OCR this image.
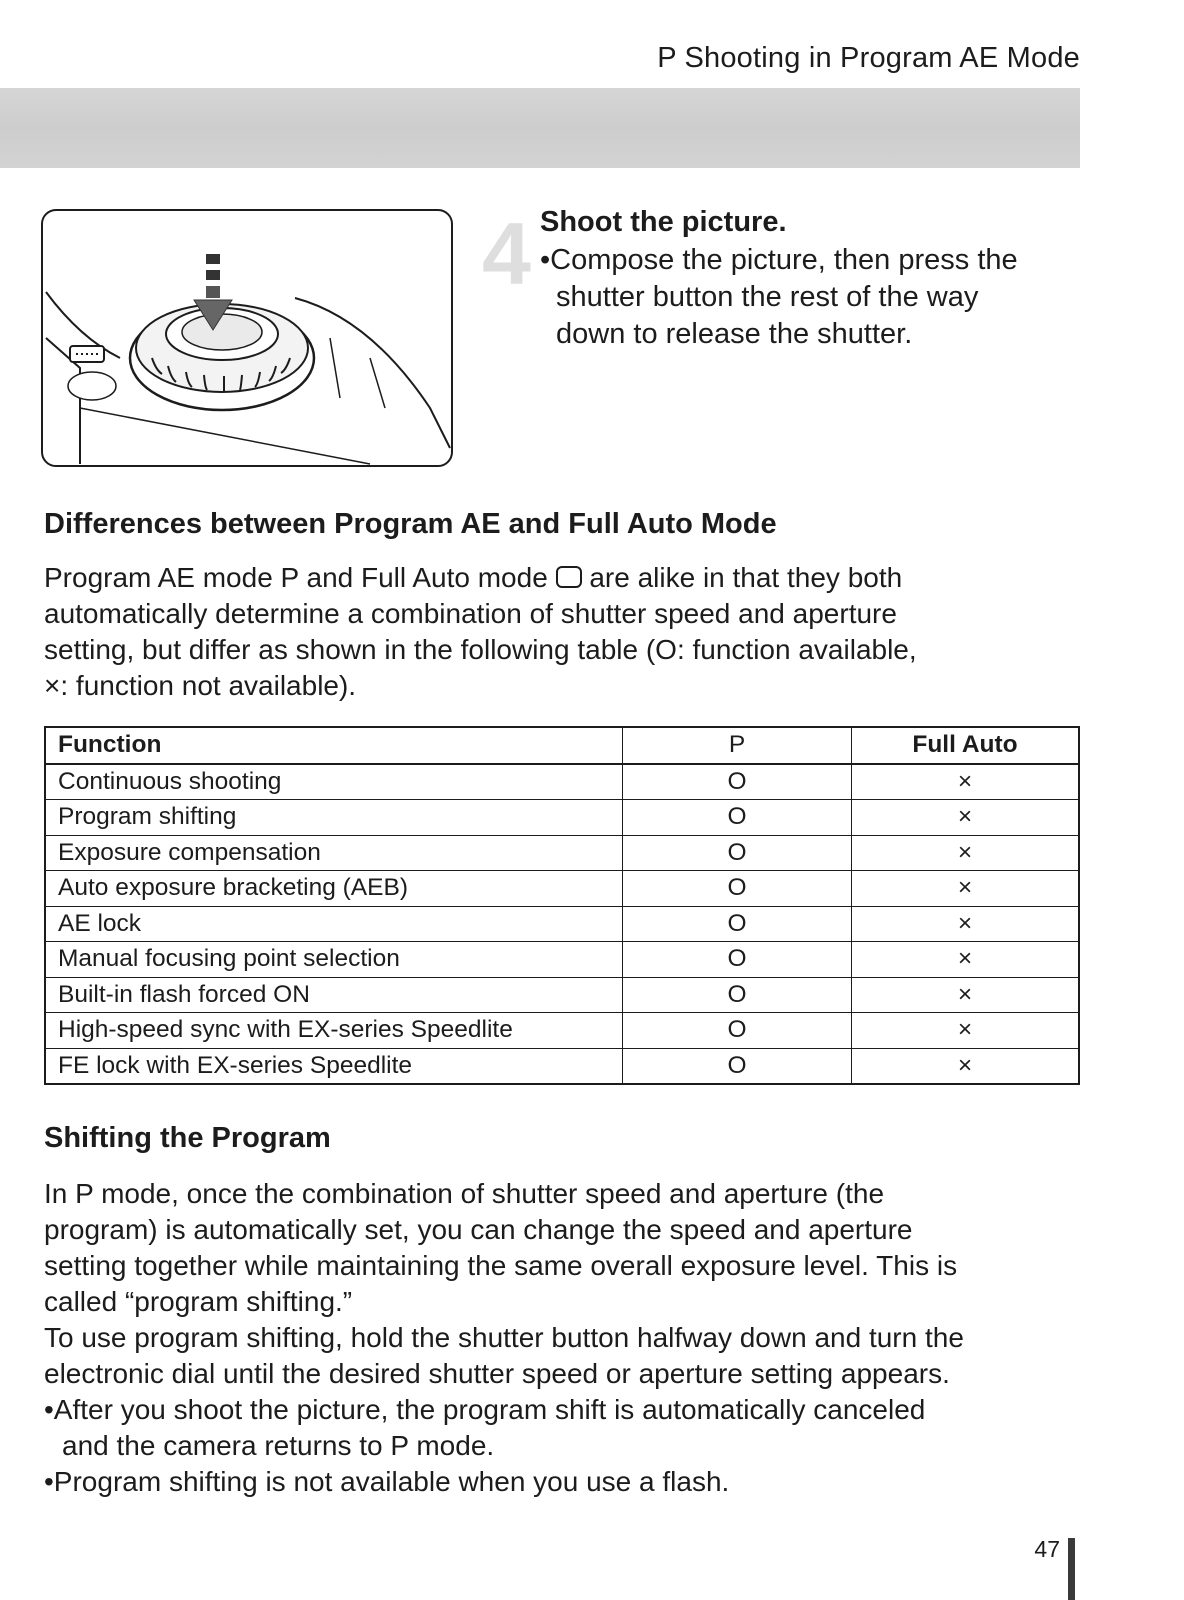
P Shooting in Program AE Mode
4 Shoot the picture.
•Compose the picture, then press the
shutter button the rest of the way
down to release the shutter.
Differences between Program AE and Full Auto Mode

Program AE mode P and Full Auto mode  are alike in that they both

automatically determine a combination of shutter speed and aperture

setting, but differ as shown in the following table (O: function available,

×: function not available).

Function	P	Full Auto
Continuous shooting	O	×
Program shifting	O	×
Exposure compensation	O	×
Auto exposure bracketing (AEB)	O	×
AE lock	O	×
Manual focusing point selection	O	×
Built-in flash forced ON	O	×
High-speed sync with EX-series Speedlite	O	×
FE lock with EX-series Speedlite	O	×
Shifting the Program

In P mode, once the combination of shutter speed and aperture (the

program) is automatically set, you can change the speed and aperture

setting together while maintaining the same overall exposure level. This is

called “program shifting.”

To use program shifting, hold the shutter button halfway down and turn the

electronic dial until the desired shutter speed or aperture setting appears.

•After you shoot the picture, the program shift is automatically canceled

and the camera returns to P mode.

•Program shifting is not available when you use a flash.

47
